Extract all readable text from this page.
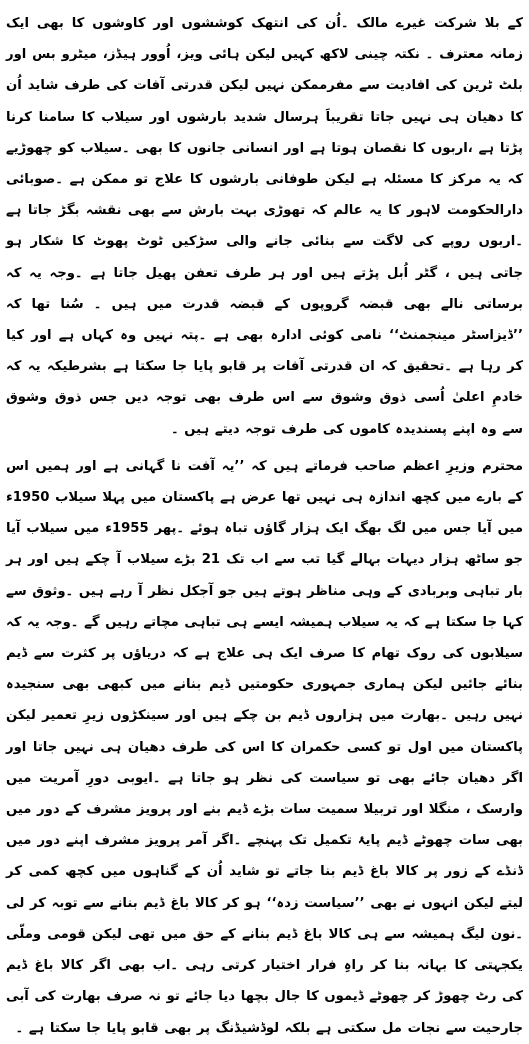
کے بلا شرکت غیرے مالک ۔اُن کی انتھک کوششوں اور کاوشوں کا بھی ایک زمانہ معترف ۔ نکتہ چینی لاکھ کہیں لیکن ہائی ویز، اُوور ہیڈز، میٹرو بس اور بلٹ ٹرین کی افادیت سے مفرممکن نہیں لیکن قدرتی آفات کی طرف شاید اُن کا دھیان ہی نہیں جاتا تقریباََ ہرسال شدید بارشوں اور سیلاب کا سامنا کرنا پڑتا ہے ،اربوں کا نقصان ہوتا ہے اور انسانی جانوں کا بھی ۔سیلاب کو چھوڑیے کہ یہ مرکز کا مسئلہ ہے لیکن طوفانی بارشوں کا علاج تو ممکن ہے ۔صوبائی دارالحکومت لاہور کا یہ عالم کہ تھوڑی بہت بارش سے بھی نقشہ بگڑ جاتا ہے ۔اربوں روپے کی لاگت سے بنائی جانے والی سڑکیں ٹوٹ پھوٹ کا شکار ہو جاتی ہیں ، گٹر اُبل پڑتے ہیں اور ہر طرف تعفن پھیل جاتا ہے ۔وجہ یہ کہ برساتی نالے بھی قبضہ گروپوں کے قبضہ قدرت میں ہیں ۔ سُنا تھا کہ ’’ڈیزاسٹر مینجمنٹ‘‘ نامی کوئی ادارہ بھی ہے ۔پتہ نہیں وہ کہاں ہے اور کیا کر رہا ہے ۔تحقیق کہ ان قدرتی آفات پر قابو پایا جا سکتا ہے بشرطیکہ یہ کہ خادمِ اعلیٰ اُسی ذوق وشوق سے اس طرف بھی توجہ دیں جس ذوق وشوق سے وہ اپنے پسندیدہ کاموں کی طرف توجہ دیتے ہیں ۔

محترم وزیرِ اعظم صاحب فرماتے ہیں کہ ’’یہ آفت نا گہانی ہے اور ہمیں اس کے بارے میں کچھ اندازہ ہی نہیں تھا عرض ہے پاکستان میں پہلا سیلاب 1950ء میں آیا جس میں لگ بھگ ایک ہزار گاؤں تباہ ہوئے ۔پھر 1955ء میں سیلاب آیا جو ساٹھ ہزار دیہات بہالے گیا تب سے اب تک 21 بڑے سیلاب آ چکے ہیں اور ہر بار تباہی وبربادی کے وہی مناظر ہوتے ہیں جو آجکل نظر آ رہے ہیں ۔وثوق سے کہا جا سکتا ہے کہ یہ سیلاب ہمیشہ ایسے ہی تباہی مچاتے رہیں گے ۔وجہ یہ کہ سیلابوں کی روک تھام کا صرف ایک ہی علاج ہے کہ دریاؤں پر کثرت سے ڈیم بنائے جائیں لیکن ہماری جمہوری حکومتیں ڈیم بنانے میں کبھی بھی سنجیدہ نہیں رہیں ۔بھارت میں ہزاروں ڈیم بن چکے ہیں اور سینکڑوں زیرِ تعمیر لیکن پاکستان میں اول تو کسی حکمران کا اس کی طرف دھیان ہی نہیں جاتا اور اگر دھیان جائے بھی تو سیاست کی نظر ہو جاتا ہے ۔ایوبی دورِ آمریت میں وارسک ، منگلا اور تربیلا سمیت سات بڑے ڈیم بنے اور پرویز مشرف کے دور میں بھی سات چھوٹے ڈیم پایۂ تکمیل تک پہنچے ۔اگر آمر پرویز مشرف اپنے دور میں ڈنڈے کے زور پر کالا باغ ڈیم بنا جاتے تو شاید اُن کے گناہوں میں کچھ کمی کر لیتے لیکن انہوں نے بھی ’’سیاست زدہ‘‘ ہو کر کالا باغ ڈیم بنانے سے توبہ کر لی ۔نون لیگ ہمیشہ سے ہی کالا باغ ڈیم بنانے کے حق میں تھی لیکن قومی وملّی یکجہتی کا بہانہ بنا کر راہِ فرار اختیار کرتی رہی ۔اب بھی اگر کالا باغ ڈیم کی رٹ چھوڑ کر چھوٹے ڈیموں کا جال بچھا دیا جائے تو نہ صرف بھارت کی آبی جارحیت سے نجات مل سکتی ہے بلکہ لوڈشیڈنگ پر بھی قابو پایا جا سکتا ہے ۔
